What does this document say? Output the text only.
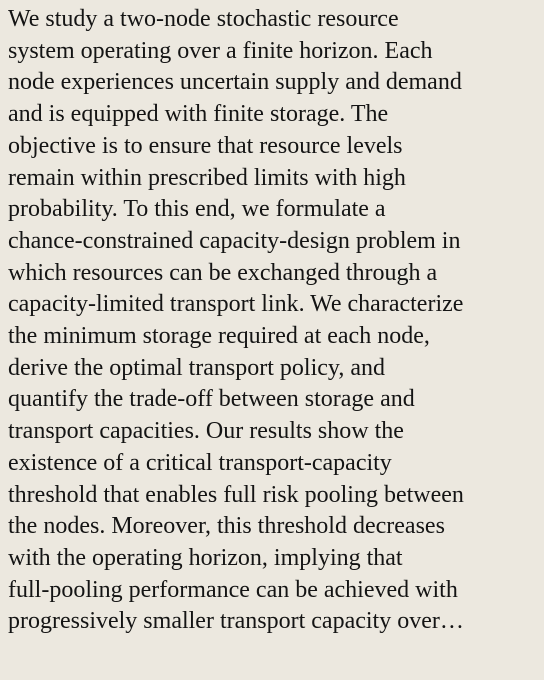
We study a two-node stochastic resource
system operating over a finite horizon. Each
node experiences uncertain supply and demand
and is equipped with finite storage. The
objective is to ensure that resource levels
remain within prescribed limits with high
probability. To this end, we formulate a
chance-constrained capacity-design problem in
which resources can be exchanged through a
capacity-limited transport link. We characterize
the minimum storage required at each node,
derive the optimal transport policy, and
quantify the trade-off between storage and
transport capacities. Our results show the
existence of a critical transport-capacity
threshold that enables full risk pooling between
the nodes. Moreover, this threshold decreases
with the operating horizon, implying that
full-pooling performance can be achieved with
progressively smaller transport capacity over…
